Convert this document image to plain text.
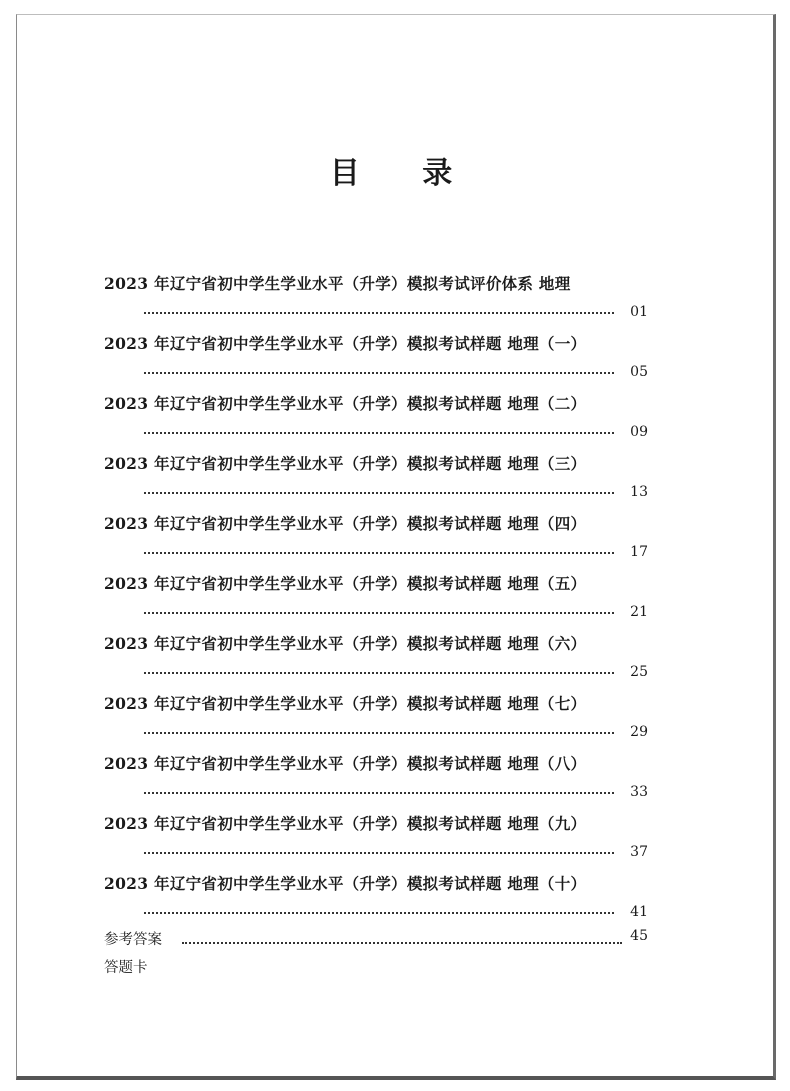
目 录
2023 年辽宁省初中学生学业水平（升学）模拟考试评价体系 地理
01
2023 年辽宁省初中学生学业水平（升学）模拟考试样题 地理（一）
05
2023 年辽宁省初中学生学业水平（升学）模拟考试样题 地理（二）
09
2023 年辽宁省初中学生学业水平（升学）模拟考试样题 地理（三）
13
2023 年辽宁省初中学生学业水平（升学）模拟考试样题 地理（四）
17
2023 年辽宁省初中学生学业水平（升学）模拟考试样题 地理（五）
21
2023 年辽宁省初中学生学业水平（升学）模拟考试样题 地理（六）
25
2023 年辽宁省初中学生学业水平（升学）模拟考试样题 地理（七）
29
2023 年辽宁省初中学生学业水平（升学）模拟考试样题 地理（八）
33
2023 年辽宁省初中学生学业水平（升学）模拟考试样题 地理（九）
37
2023 年辽宁省初中学生学业水平（升学）模拟考试样题 地理（十）
41
参考答案	45
答题卡
